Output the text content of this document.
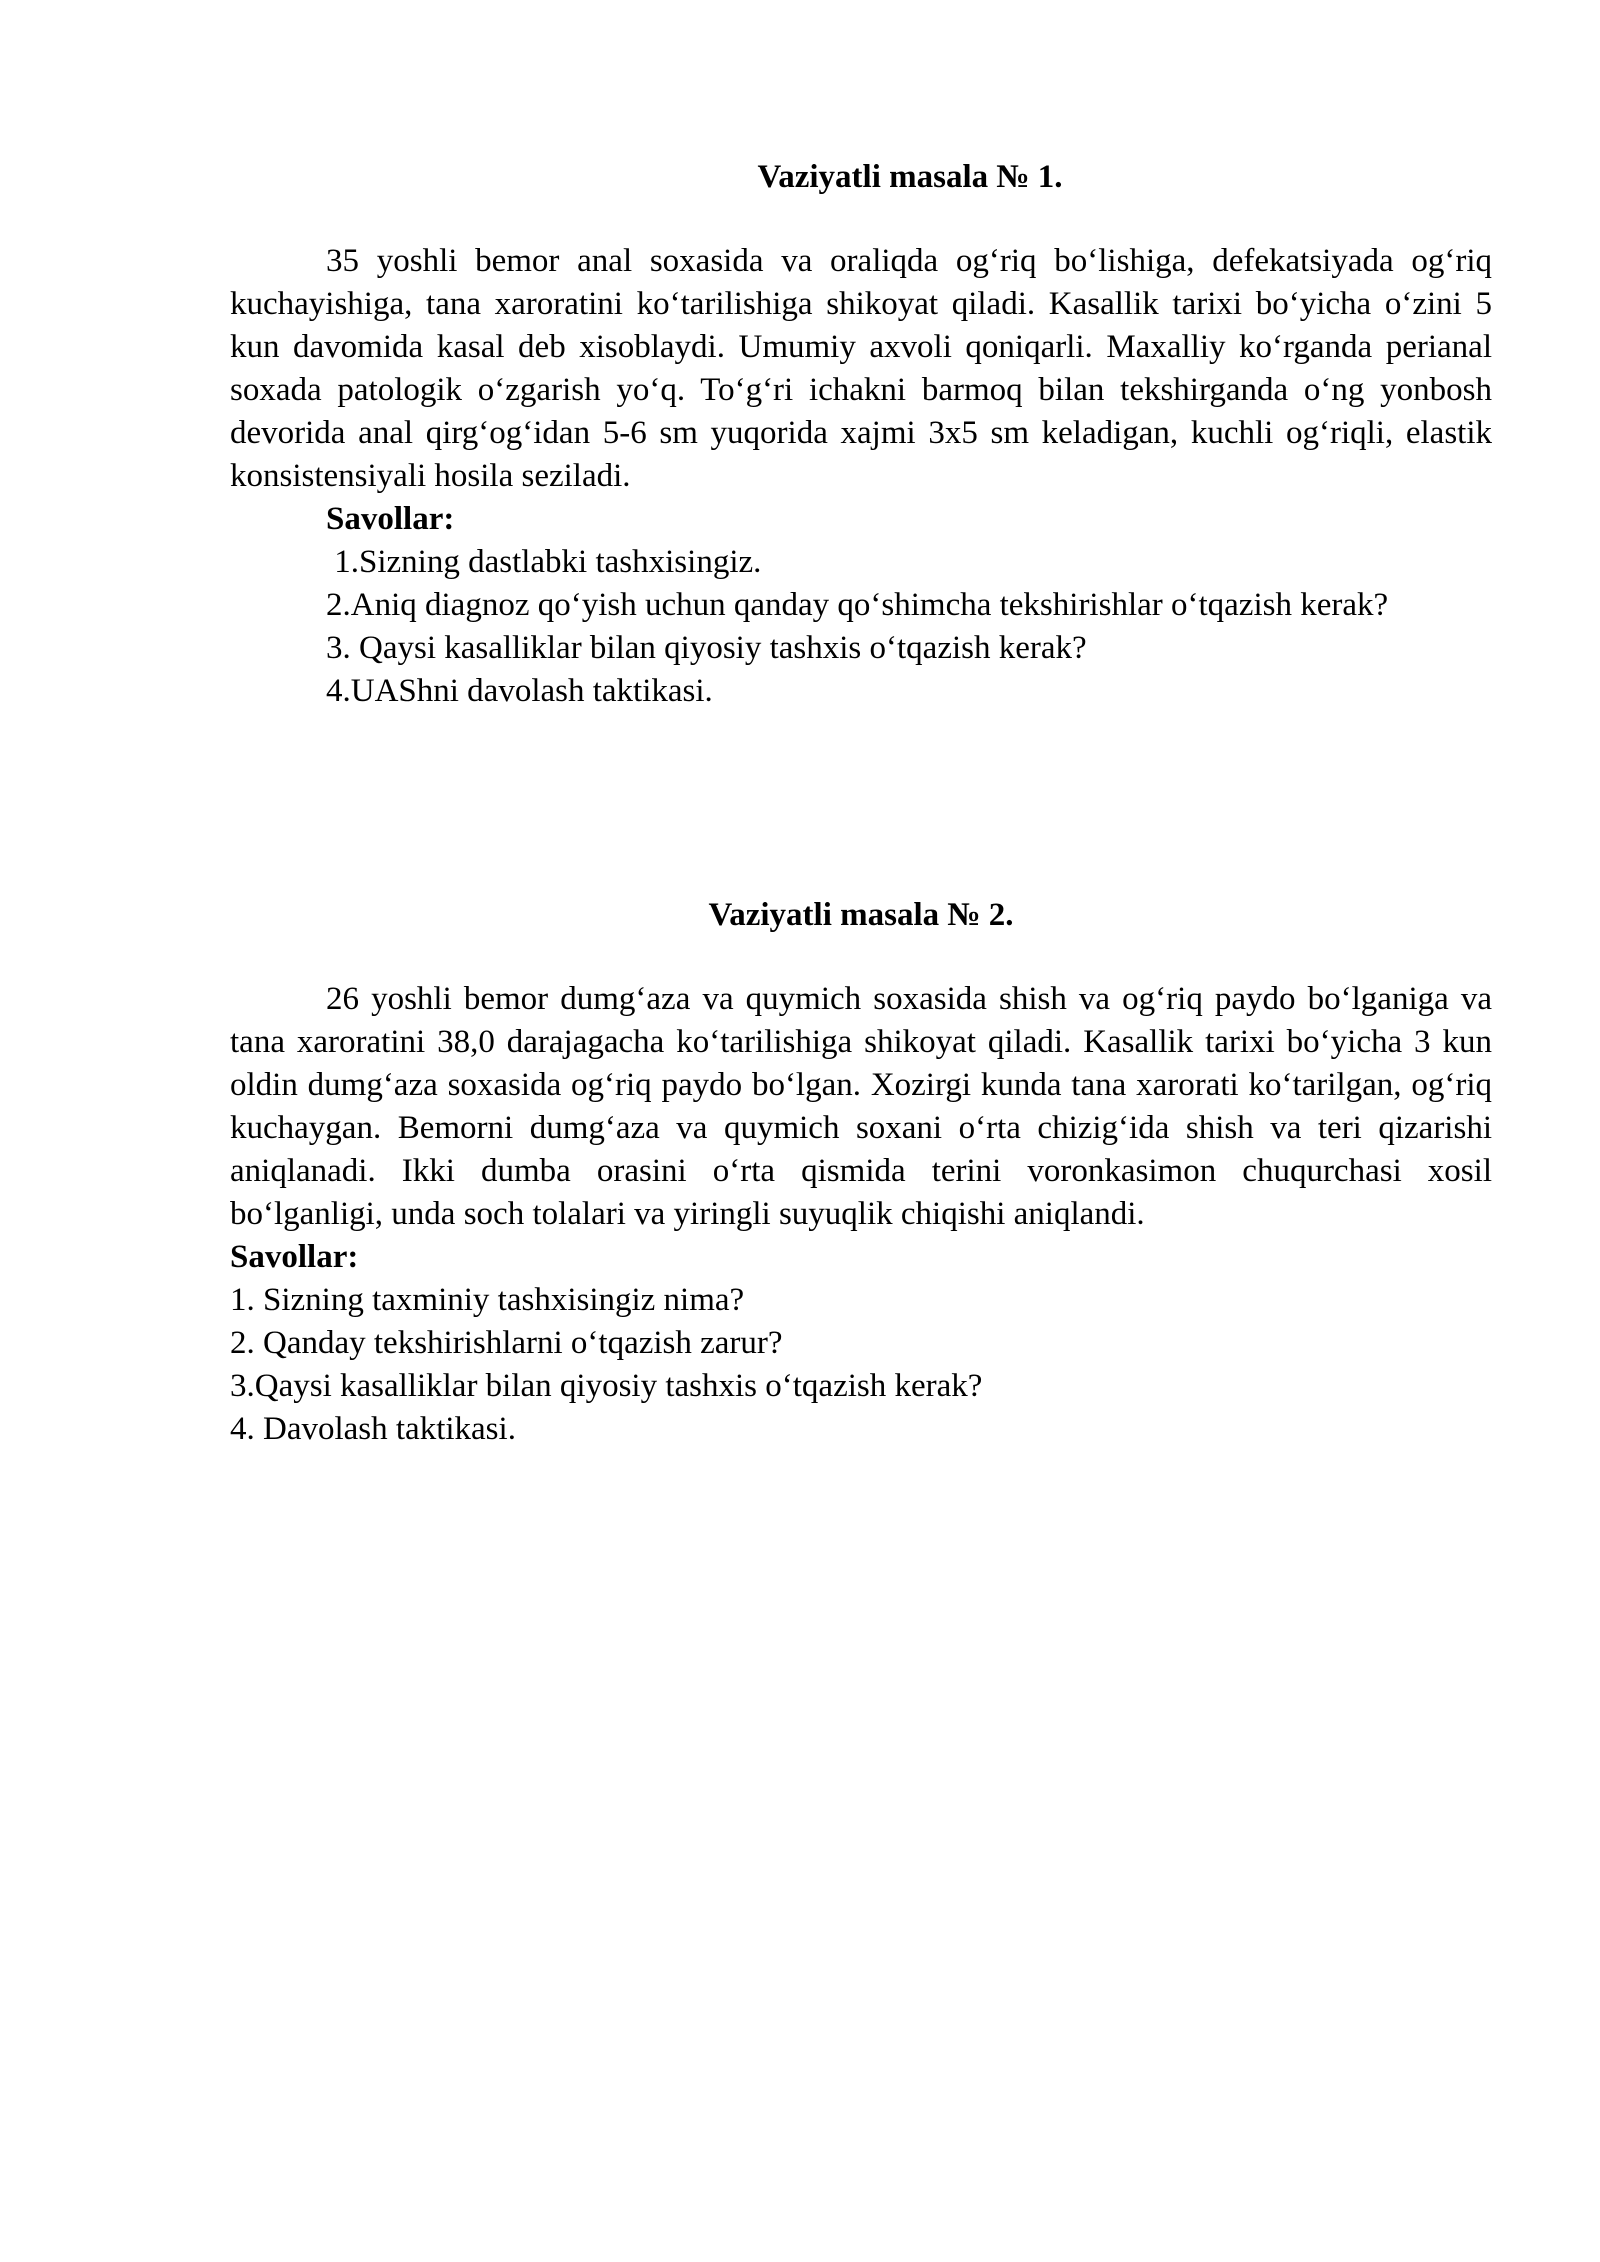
Vaziyatli masala № 1.

35 yoshli bemor anal soxasida va oraliqda og‘riq bo‘lishiga, defekatsiyada og‘riq kuchayishiga, tana xaroratini ko‘tarilishiga shikoyat qiladi. Kasallik tarixi bo‘yicha o‘zini 5 kun davomida kasal deb xisoblaydi. Umumiy axvoli qoniqarli. Maxalliy ko‘rganda perianal soxada patologik o‘zgarish yo‘q. To‘g‘ri ichakni barmoq bilan tekshirganda o‘ng yonbosh devorida anal qirg‘og‘idan 5-6 sm yuqorida xajmi 3x5 sm keladigan, kuchli og‘riqli, elastik konsistensiyali hosila seziladi.

Savollar:

1.Sizning dastlabki tashxisingiz.
2.Aniq diagnoz qo‘yish uchun qanday qo‘shimcha tekshirishlar o‘tqazish kerak?
3. Qaysi kasalliklar bilan qiyosiy tashxis o‘tqazish kerak?
4.UAShni davolash taktikasi.
Vaziyatli masala № 2.

26 yoshli bemor dumg‘aza va quymich soxasida shish va og‘riq paydo bo‘lganiga va tana xaroratini 38,0 darajagacha ko‘tarilishiga shikoyat qiladi. Kasallik tarixi bo‘yicha 3 kun oldin dumg‘aza soxasida og‘riq paydo bo‘lgan. Xozirgi kunda tana xarorati ko‘tarilgan, og‘riq kuchaygan. Bemorni dumg‘aza va quymich soxani o‘rta chizig‘ida shish va teri qizarishi aniqlanadi. Ikki dumba orasini o‘rta qismida terini voronkasimon chuqurchasi xosil bo‘lganligi, unda soch tolalari va yiringli suyuqlik chiqishi aniqlandi.

Savollar:

1. Sizning taxminiy tashxisingiz nima?
2. Qanday tekshirishlarni o‘tqazish zarur?
3.Qaysi kasalliklar bilan qiyosiy tashxis o‘tqazish kerak?
4. Davolash taktikasi.
